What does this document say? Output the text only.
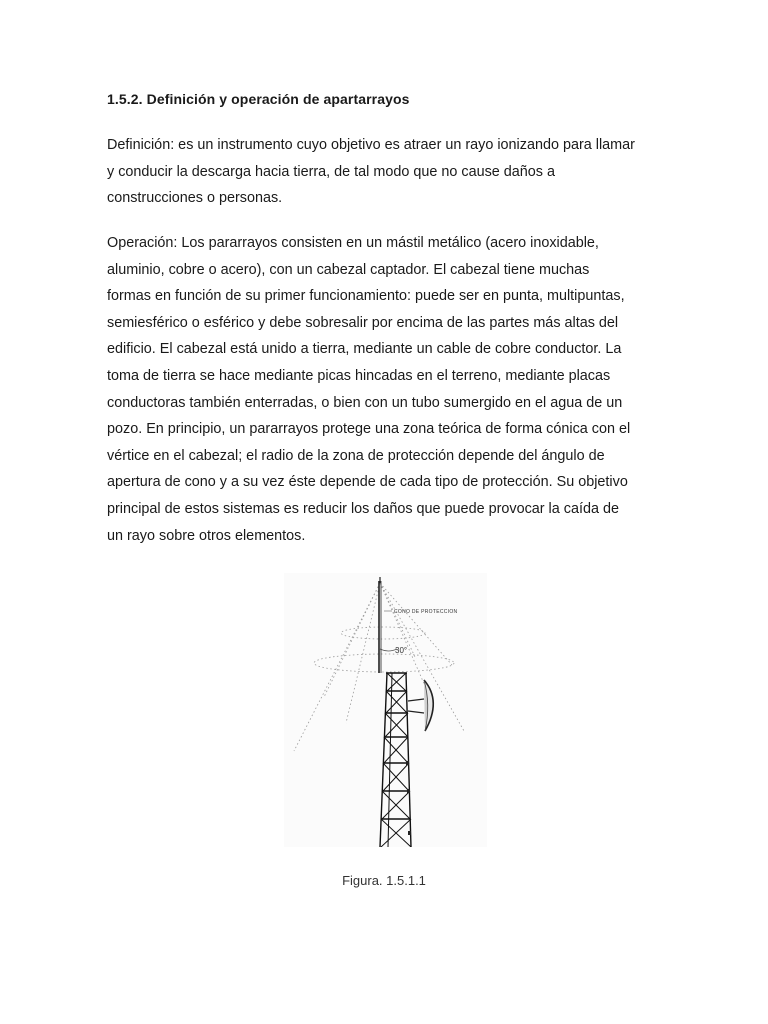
1.5.2. Definición y operación de apartarrayos

Definición: es un instrumento cuyo objetivo es atraer un rayo ionizando para llamar
y conducir la descarga hacia tierra, de tal modo que no cause daños a
construcciones o personas.

Operación: Los pararrayos consisten en un mástil metálico (acero inoxidable,
aluminio, cobre o acero), con un cabezal captador. El cabezal tiene muchas
formas en función de su primer funcionamiento: puede ser en punta, multipuntas,
semiesférico o esférico y debe sobresalir por encima de las partes más altas del
edificio. El cabezal está unido a tierra, mediante un cable de cobre conductor. La
toma de tierra se hace mediante picas hincadas en el terreno, mediante placas
conductoras también enterradas, o bien con un tubo sumergido en el agua de un
pozo. En principio, un pararrayos protege una zona teórica de forma cónica con el
vértice en el cabezal; el radio de la zona de protección depende del ángulo de
apertura de cono y a su vez éste depende de cada tipo de protección. Su objetivo
principal de estos sistemas es reducir los daños que puede provocar la caída de
un rayo sobre otros elementos.

30°
CONO DE PROTECCION
Figura. 1.5.1.1
